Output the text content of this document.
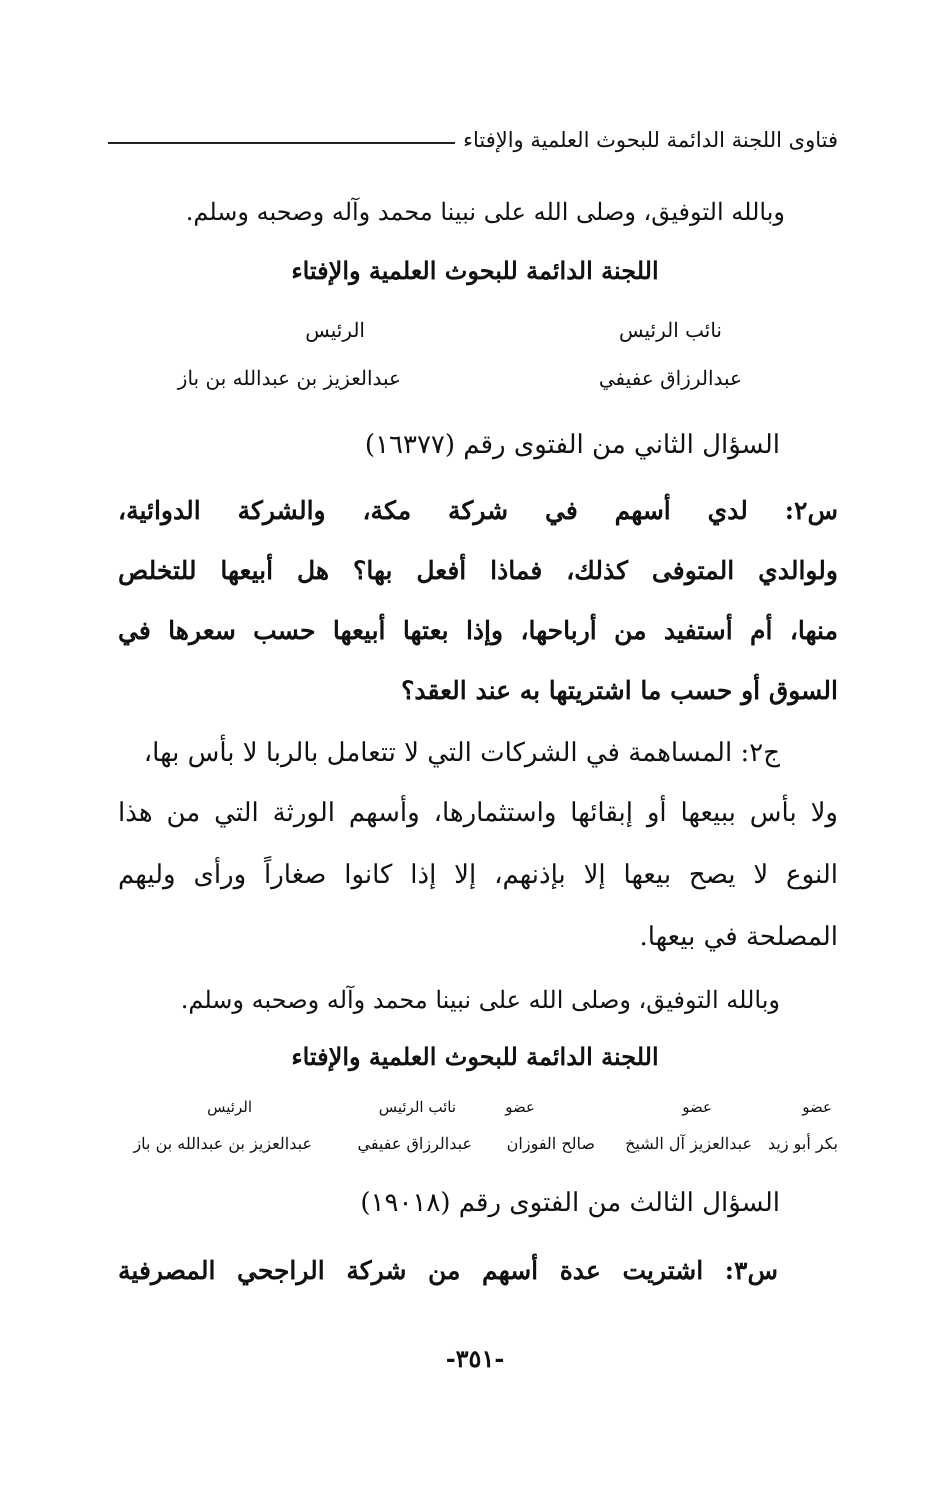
فتاوى اللجنة الدائمة للبحوث العلمية والإفتاء
وبالله التوفيق، وصلى الله على نبينا محمد وآله وصحبه وسلم.
اللجنة الدائمة للبحوث العلمية والإفتاء
نائب الرئيس
عبدالرزاق عفيفي
الرئيس
عبدالعزيز بن عبدالله بن باز
السؤال الثاني من الفتوى رقم (١٦٣٧٧)
س٢: لدي أسهم في شركة مكة، والشركة الدوائية،
ولوالدي المتوفى كذلك، فماذا أفعل بها؟ هل أبيعها للتخلص
منها، أم أستفيد من أرباحها، وإذا بعتها أبيعها حسب سعرها في
السوق أو حسب ما اشتريتها به عند العقد؟
ج٢: المساهمة في الشركات التي لا تتعامل بالربا لا بأس بها،
ولا بأس ببيعها أو إبقائها واستثمارها، وأسهم الورثة التي من هذا
النوع لا يصح بيعها إلا بإذنهم، إلا إذا كانوا صغاراً ورأى وليهم
المصلحة في بيعها.
وبالله التوفيق، وصلى الله على نبينا محمد وآله وصحبه وسلم.
اللجنة الدائمة للبحوث العلمية والإفتاء
عضو
بكر أبو زيد
عضو
عبدالعزيز آل الشيخ
عضو
صالح الفوزان
نائب الرئيس
عبدالرزاق عفيفي
الرئيس
عبدالعزيز بن عبدالله بن باز
السؤال الثالث من الفتوى رقم (١٩٠١٨)
س٣: اشتريت عدة أسهم من شركة الراجحي المصرفية
-٣٥١-
